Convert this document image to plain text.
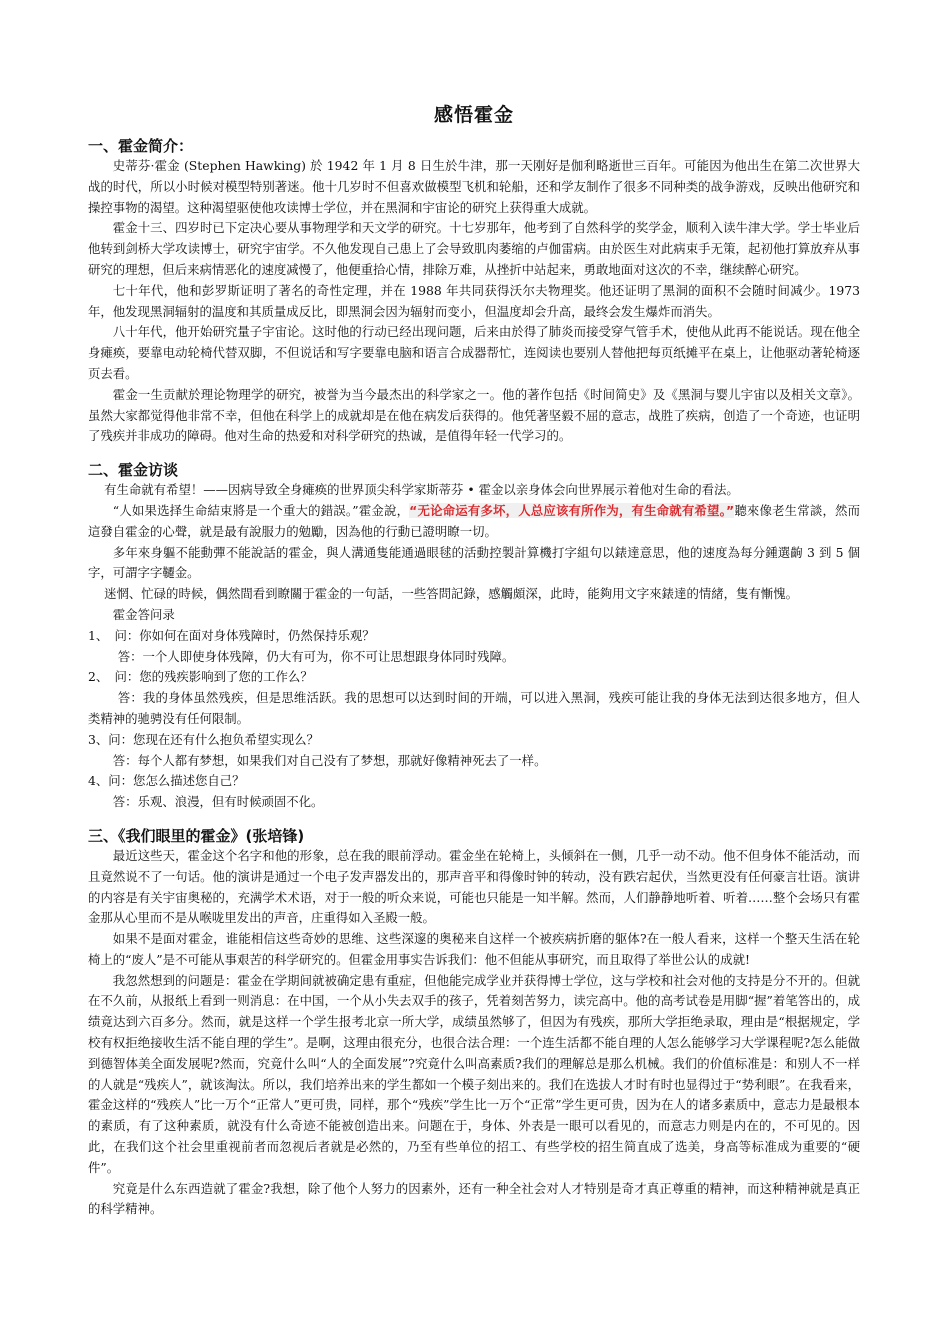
感悟霍金
一、霍金简介：

史蒂芬·霍金 (Stephen Hawking) 於 1942 年 1 月 8 日生於牛津，那一天刚好是伽利略逝世三百年。可能因为他出生在第二次世界大战的时代，所以小时候对模型特别著迷。他十几岁时不但喜欢做模型飞机和轮船，还和学友制作了很多不同种类的战争游戏，反映出他研究和操控事物的渴望。这种渴望驱使他攻读博士学位，并在黑洞和宇宙论的研究上获得重大成就。

霍金十三、四岁时已下定决心要从事物理学和天文学的研究。十七岁那年，他考到了自然科学的奖学金，顺利入读牛津大学。学士毕业后他转到剑桥大学攻读博士，研究宇宙学。不久他发现自己患上了会导致肌肉萎缩的卢伽雷病。由於医生对此病束手无策，起初他打算放弃从事研究的理想，但后来病情恶化的速度减慢了，他便重拾心情，排除万难，从挫折中站起来，勇敢地面对这次的不幸，继续醉心研究。

七十年代，他和彭罗斯证明了著名的奇性定理，并在 1988 年共同获得沃尔夫物理奖。他还证明了黑洞的面积不会随时间减少。1973 年，他发现黑洞辐射的温度和其质量成反比，即黑洞会因为辐射而变小，但温度却会升高，最终会发生爆炸而消失。

八十年代，他开始研究量子宇宙论。这时他的行动已经出现问题，后来由於得了肺炎而接受穿气管手术，使他从此再不能说话。现在他全身瘫痪，要靠电动轮椅代替双脚，不但说话和写字要靠电脑和语言合成器帮忙，连阅读也要别人替他把每页纸摊平在桌上，让他驱动著轮椅逐页去看。

霍金一生贡献於理论物理学的研究，被誉为当今最杰出的科学家之一。他的著作包括《时间简史》及《黑洞与婴儿宇宙以及相关文章》。虽然大家都觉得他非常不幸，但他在科学上的成就却是在他在病发后获得的。他凭著坚毅不屈的意志，战胜了疾病，创造了一个奇迹，也证明了残疾并非成功的障碍。他对生命的热爱和对科学研究的热诚，是值得年轻一代学习的。

二、霍金访谈

有生命就有希望！——因病导致全身瘫痪的世界顶尖科学家斯蒂芬 • 霍金以亲身体会向世界展示着他对生命的看法。

“人如果选择生命結束將是一个重大的錯誤。”霍金說，“无论命运有多坏，人总应该有所作为，有生命就有希望。”聽來像老生常談，然而這發自霍金的心聲，就是最有說服力的勉勵，因為他的行動已證明瞭一切。

多年來身軀不能動彈不能說話的霍金，與人溝通隻能通過眼毬的活動控製計算機打字組句以錶達意思，他的速度為每分鍾選齣 3 到 5 個字，可謂字字韆金。

迷惘、忙碌的時候，偶然間看到瞭關于霍金的一句話，一些答問記錄，感觸頗深，此時，能夠用文字來錶達的情緒，隻有慚愧。

霍金答问录

1、　问：你如何在面对身体残障时，仍然保持乐观？

答：一个人即使身体残障，仍大有可为，你不可让思想跟身体同时残障。

2、　问：您的残疾影响到了您的工作么？

答：我的身体虽然残疾，但是思维活跃。我的思想可以达到时间的开端，可以进入黑洞，残疾可能让我的身体无法到达很多地方，但人类精神的驰骋没有任何限制。

3、问：您现在还有什么抱负希望实现么？

答：每个人都有梦想，如果我们对自己没有了梦想，那就好像精神死去了一样。

4、问：您怎么描述您自己？

答：乐观、浪漫，但有时候顽固不化。

三、《我们眼里的霍金》(张培锋)

最近这些天，霍金这个名字和他的形象，总在我的眼前浮动。霍金坐在轮椅上，头倾斜在一侧，几乎一动不动。他不但身体不能活动，而且竟然说不了一句话。他的演讲是通过一个电子发声器发出的，那声音平和得像时钟的转动，没有跌宕起伏，当然更没有任何豪言壮语。演讲的内容是有关宇宙奥秘的，充满学术术语，对于一般的听众来说，可能也只能是一知半解。然而，人们静静地听着、听着……整个会场只有霍金那从心里而不是从喉咙里发出的声音，庄重得如入圣殿一般。

如果不是面对霍金，谁能相信这些奇妙的思维、这些深邃的奥秘来自这样一个被疾病折磨的躯体?在一般人看来，这样一个整天生活在轮椅上的“废人”是不可能从事艰苦的科学研究的。但霍金用事实告诉我们：他不但能从事研究，而且取得了举世公认的成就!

我忽然想到的问题是：霍金在学期间就被确定患有重症，但他能完成学业并获得博士学位，这与学校和社会对他的支持是分不开的。但就在不久前，从报纸上看到一则消息：在中国，一个从小失去双手的孩子，凭着刻苦努力，读完高中。他的高考试卷是用脚“握”着笔答出的，成绩竟达到六百多分。然而，就是这样一个学生报考北京一所大学，成绩虽然够了，但因为有残疾，那所大学拒绝录取，理由是“根据规定，学校有权拒绝接收生活不能自理的学生”。是啊，这理由很充分，也很合法合理：一个连生活都不能自理的人怎么能够学习大学课程呢?怎么能做到德智体美全面发展呢?然而，究竟什么叫“人的全面发展”?究竟什么叫高素质?我们的理解总是那么机械。我们的价值标准是：和别人不一样的人就是“残疾人”，就该淘汰。所以，我们培养出来的学生都如一个模子刻出来的。我们在选拔人才时有时也显得过于“势利眼”。在我看来，霍金这样的“残疾人”比一万个“正常人”更可贵，同样，那个“残疾”学生比一万个“正常”学生更可贵，因为在人的诸多素质中，意志力是最根本的素质，有了这种素质，就没有什么奇迹不能被创造出来。问题在于，身体、外表是一眼可以看见的，而意志力则是内在的，不可见的。因此，在我们这个社会里重视前者而忽视后者就是必然的，乃至有些单位的招工、有些学校的招生简直成了选美，身高等标准成为重要的“硬件”。

究竟是什么东西造就了霍金?我想，除了他个人努力的因素外，还有一种全社会对人才特别是奇才真正尊重的精神，而这种精神就是真正的科学精神。
